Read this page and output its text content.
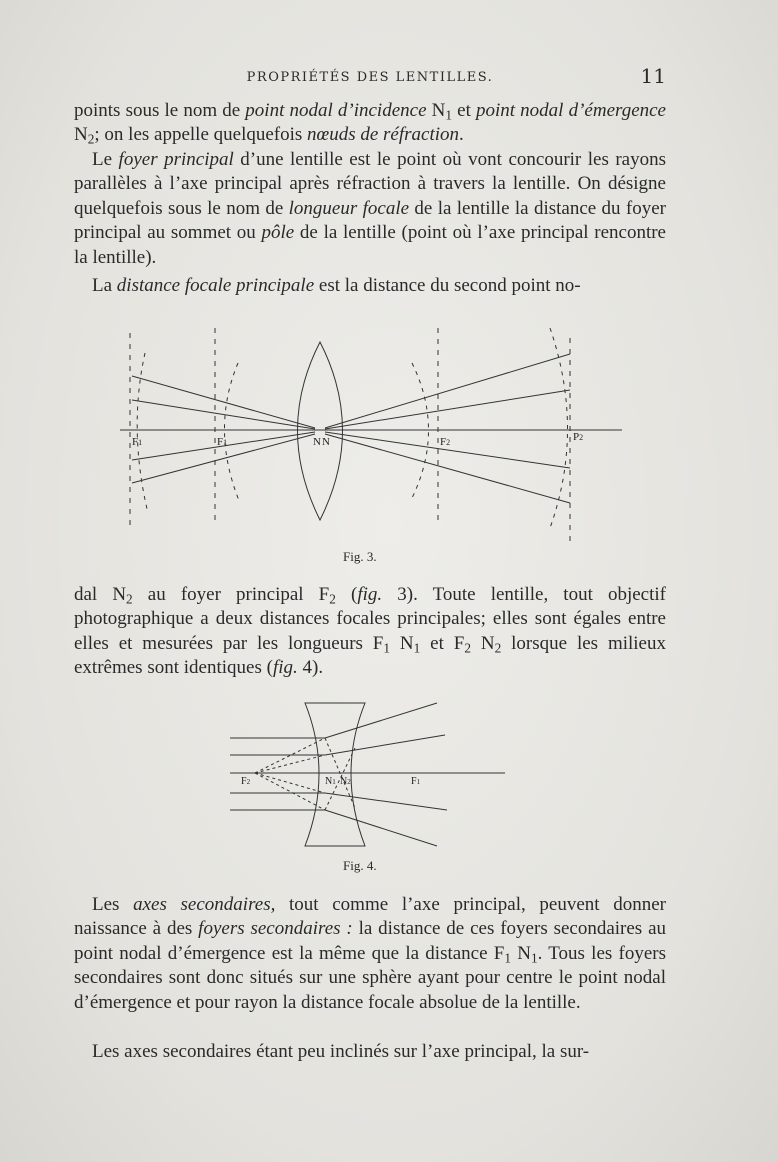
PROPRIÉTÉS DES LENTILLES.	11

points sous le nom de point nodal d’incidence $N_1$ et point nodal d’émergence $N_2$; on les appelle quelquefois nœuds de réfraction.

Le foyer principal d’une lentille est le point où vont concourir les rayons parallèles à l’axe principal après réfraction à travers la lentille. On désigne quelquefois sous le nom de longueur focale de la lentille la distance du foyer principal au sommet ou pôle de la lentille (point où l’axe principal rencontre la lentille).

La distance focale principale est la distance du second point no-

F1	F1	NN	F2	P2
Fig. 3.

dal $N_2$ au foyer principal $F_2$ (fig. 3). Toute lentille, tout objectif photographique a deux distances focales principales; elles sont égales entre elles et mesurées par les longueurs $F_1$ $N_1$ et $F_2$ $N_2$ lorsque les milieux extrêmes sont identiques (fig. 4).

F2	N1 N2	F1
Fig. 4.

Les axes secondaires, tout comme l’axe principal, peuvent donner naissance à des foyers secondaires : la distance de ces foyers secondaires au point nodal d’émergence est la même que la distance $F_1$ $N_1$. Tous les foyers secondaires sont donc situés sur une sphère ayant pour centre le point nodal d’émergence et pour rayon la distance focale absolue de la lentille.

Les axes secondaires étant peu inclinés sur l’axe principal, la sur-
